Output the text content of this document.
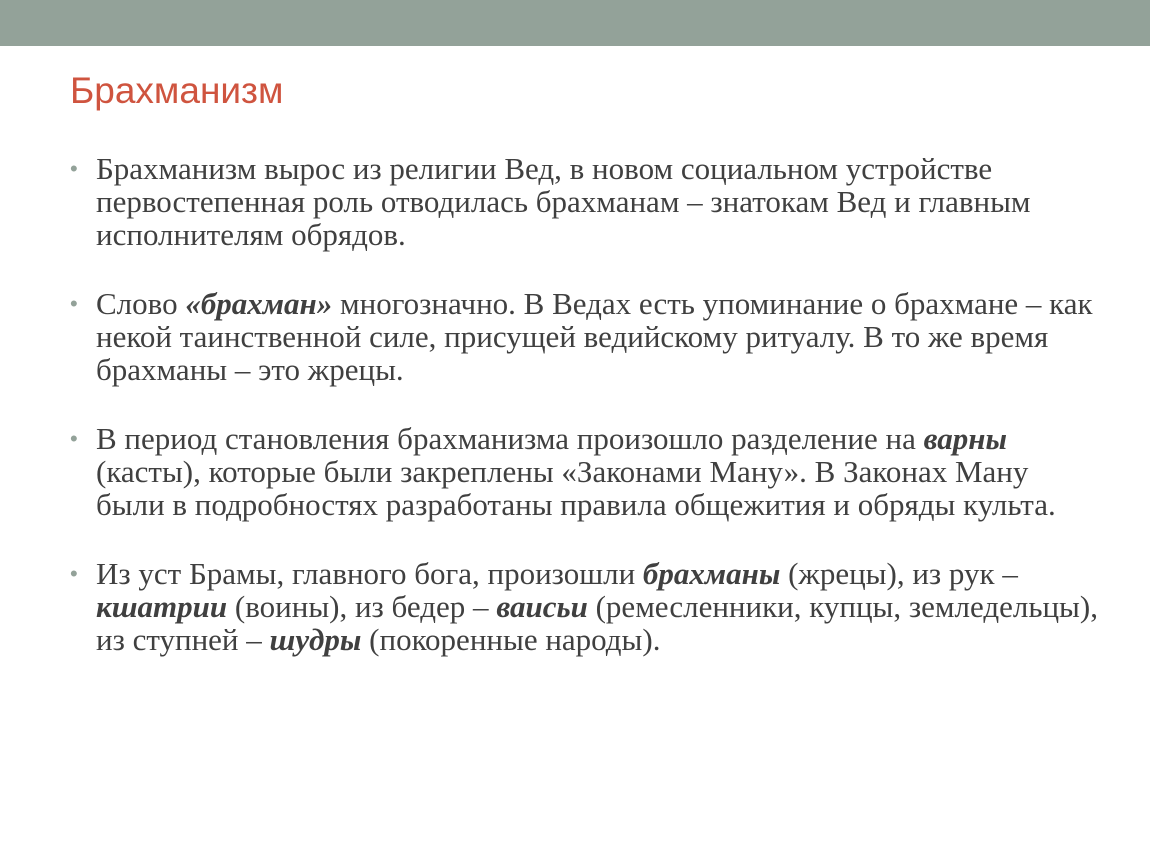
Брахманизм

• Брахманизм вырос из религии Вед, в новом социальном устройстве первостепенная роль отводилась брахманам – знатокам Вед и главным исполнителям обрядов.

• Слово «брахман» многозначно. В Ведах есть упоминание о брахмане – как некой таинственной силе, присущей ведийскому ритуалу. В то же время брахманы – это жрецы.

• В период становления брахманизма произошло разделение на варны (касты), которые были закреплены «Законами Ману». В Законах Ману были в подробностях разработаны правила общежития и обряды культа.

• Из уст Брамы, главного бога, произошли брахманы (жрецы), из рук – кшатрии (воины), из бедер – ваисьи (ремесленники, купцы, земледельцы), из ступней – шудры (покоренные народы).
